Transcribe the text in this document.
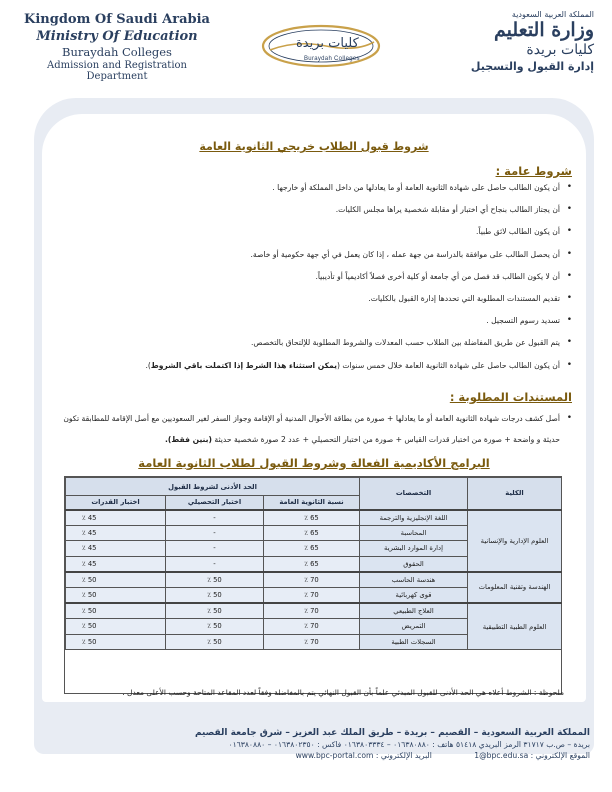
Kingdom Of Saudi Arabia
Ministry Of Education
Buraydah Colleges
Admission and Registration
Department
كليات بريدة
Buraydah Colleges
المملكة العربية السعودية
وزارة التعليم
كليات بريدة
إدارة القبول والتسجيل
شروط قبول الطلاب خريجي الثانوية العامة
شروط عامة :
• أن يكون الطالب حاصل على شهادة الثانوية العامة أو ما يعادلها من داخل المملكة أو خارجها .
• أن يجتاز الطالب بنجاح أي اختبار أو مقابلة شخصية يراها مجلس الكليات.
• أن يكون الطالب لائق طبياً.
• أن يحصل الطالب على موافقة بالدراسة من جهة عمله ، إذا كان يعمل في أي جهة حكومية أو خاصة.
• أن لا يكون الطالب قد فصل من أي جامعة أو كلية أخرى فصلاً أكاديمياً أو تأديبياً.
• تقديم المستندات المطلوبة التي تحددها إدارة القبول بالكليات.
• تسديد رسوم التسجيل .
• يتم القبول عن طريق المفاضلة بين الطلاب حسب المعدلات والشروط المطلوبة للإلتحاق بالتخصص.
• أن يكون الطالب حاصل على شهادة الثانوية العامة خلال خمس سنوات (يمكن استثناء هذا الشرط إذا اكتملت باقي الشروط).
المستندات المطلوبة :
• أصل كشف درجات شهادة الثانوية العامة أو ما يعادلها + صورة من بطاقة الأحوال المدنية أو الإقامة وجواز السفر لغير السعوديين مع أصل الإقامة للمطابقة تكون حديثة و واضحة + صورة من اختبار قدرات القياس + صورة من اختبار التحصيلي + عدد 2 صورة شخصية حديثة (بنين فقط).
البرامج الأكاديمية الفعالة وشروط القبول لطلاب الثانوية العامة
الكلية	التخصصات	الحد الأدنى لشروط القبول		
		نسبة الثانوية العامة	اختبار التحصيلي	اختبار القدرات
العلوم الإدارية والإنسانية	اللغة الإنجليزية والترجمة	65 ٪	-	45 ٪
	المحاسبة	65 ٪	-	45 ٪
	إدارة الموارد البشرية	65 ٪	-	45 ٪
	الحقوق	65 ٪	-	45 ٪
الهندسة وتقنية المعلومات	هندسة الحاسب	70 ٪	50 ٪	50 ٪
	قوى كهربائية	70 ٪	50 ٪	50 ٪
العلوم الطبية التطبيقية	العلاج الطبيعي	70 ٪	50 ٪	50 ٪
	التمريض	70 ٪	50 ٪	50 ٪
	السجلات الطبية	70 ٪	50 ٪	50 ٪
ملحوظة : الشروط أعلاه هي الحد الأدنى للقبول المبدئي علماً بأن القبول النهائي يتم بالمفاضلة وفقاً لعدد المقاعد المتاحة وحسب الأعلى معدل .
المملكة العربية السعودية – القصيم – بريدة – طريق الملك عبد العزيز – شرق جامعة القصيم
بريدة – ص.ب ٣١٧١٧ الرمز البريدي ٥١٤١٨ هاتف : ٠١٦٣٨٠٨٨٠ – ٠١٦٣٨٠٣٣٣٤ فاكس : ٠١٦٣٨٠٢٣٥٠ – ٠١٦٣٨٠٨٨٠
الموقع الإلكتروني : www.bpc-portal.com البريد الإلكتروني :	1@bpc.edu.sa
